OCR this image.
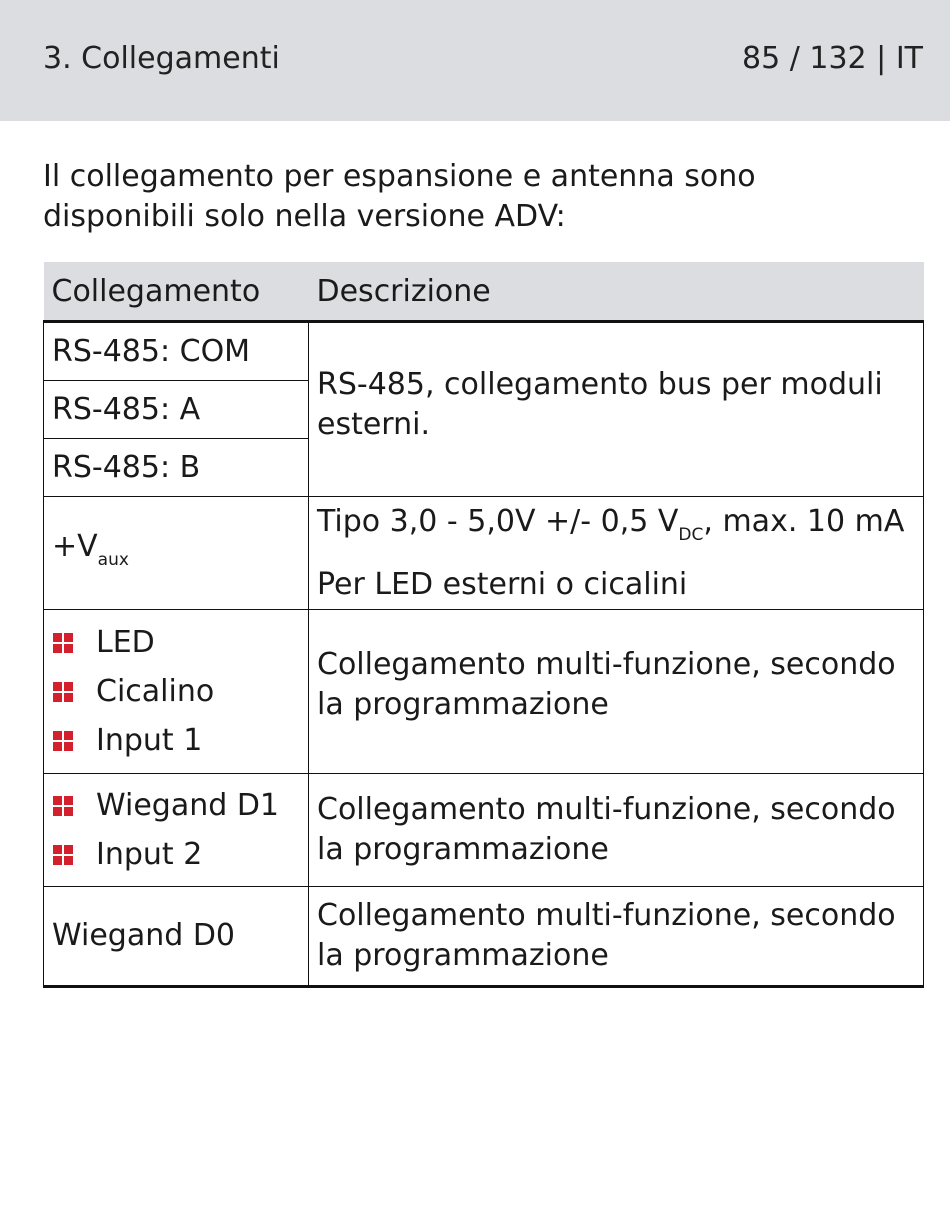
3. Collegamenti	85 / 132 | IT

Il collegamento per espansione e antenna sono disponibili solo nella versione ADV:

Collegamento	Descrizione
RS-485: COM	RS-485, collegamento bus per moduli esterni.
RS-485: A	
RS-485: B	
$+V_{aux}$	Tipo 3,0 - 5,0V +/- 0,5 $V_{DC}$, max. 10 mA
Per LED esterni o cicalini

LED
Cicalino
Input 1	Collegamento multi-funzione, secondo la programmazione

Wiegand D1
Input 2	Collegamento multi-funzione, secondo la programmazione
Wiegand D0	Collegamento multi-funzione, secondo la programmazione
